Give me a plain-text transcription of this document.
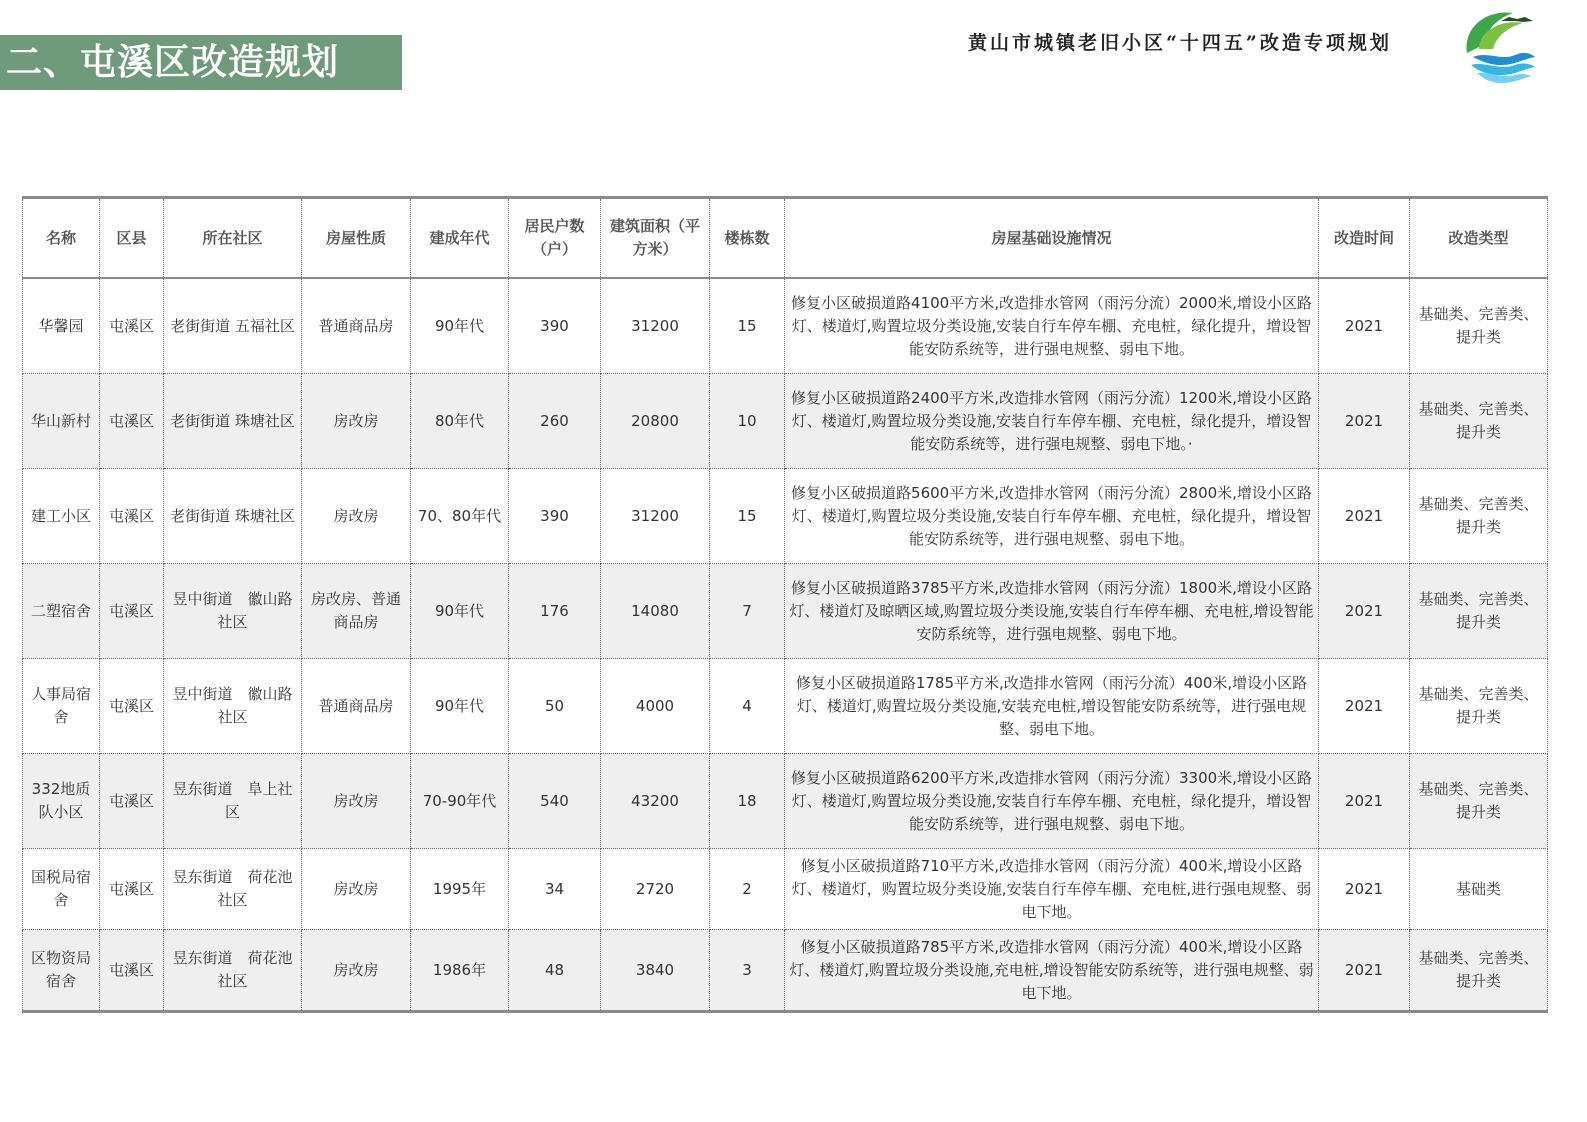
二、屯溪区改造规划	黄山市城镇老旧小区“十四五”改造专项规划
名称	区县	所在社区	房屋性质	建成年代	居民户数（户）	建筑面积（平方米）	楼栋数	房屋基础设施情况	改造时间	改造类型
华馨园	屯溪区	老街街道 五福社区	普通商品房	90年代	390	31200	15	修复小区破损道路4100平方米,改造排水管网（雨污分流）2000米,增设小区路灯、楼道灯,购置垃圾分类设施,安装自行车停车棚、充电桩，绿化提升，增设智能安防系统等，进行强电规整、弱电下地。	2021	基础类、完善类、提升类
华山新村	屯溪区	老街街道 珠塘社区	房改房	80年代	260	20800	10	修复小区破损道路2400平方米,改造排水管网（雨污分流）1200米,增设小区路灯、楼道灯,购置垃圾分类设施,安装自行车停车棚、充电桩，绿化提升，增设智能安防系统等，进行强电规整、弱电下地。·	2021	基础类、完善类、提升类
建工小区	屯溪区	老街街道 珠塘社区	房改房	70、80年代	390	31200	15	修复小区破损道路5600平方米,改造排水管网（雨污分流）2800米,增设小区路灯、楼道灯,购置垃圾分类设施,安装自行车停车棚、充电桩，绿化提升，增设智能安防系统等，进行强电规整、弱电下地。	2021	基础类、完善类、提升类
二塑宿舍	屯溪区	昱中街道　徽山路社区	房改房、普通商品房	90年代	176	14080	7	修复小区破损道路3785平方米,改造排水管网（雨污分流）1800米,增设小区路灯、楼道灯及晾晒区域,购置垃圾分类设施,安装自行车停车棚、充电桩,增设智能安防系统等，进行强电规整、弱电下地。	2021	基础类、完善类、提升类
人事局宿舍	屯溪区	昱中街道　徽山路社区	普通商品房	90年代	50	4000	4	修复小区破损道路1785平方米,改造排水管网（雨污分流）400米,增设小区路灯、楼道灯,购置垃圾分类设施,安装充电桩,增设智能安防系统等，进行强电规整、弱电下地。	2021	基础类、完善类、提升类
332地质队小区	屯溪区	昱东街道　阜上社区	房改房	70-90年代	540	43200	18	修复小区破损道路6200平方米,改造排水管网（雨污分流）3300米,增设小区路灯、楼道灯,购置垃圾分类设施,安装自行车停车棚、充电桩，绿化提升，增设智能安防系统等，进行强电规整、弱电下地。	2021	基础类、完善类、提升类
国税局宿舍	屯溪区	昱东街道　荷花池社区	房改房	1995年	34	2720	2	修复小区破损道路710平方米,改造排水管网（雨污分流）400米,增设小区路灯、楼道灯，购置垃圾分类设施,安装自行车停车棚、充电桩,进行强电规整、弱电下地。	2021	基础类
区物资局宿舍	屯溪区	昱东街道　荷花池社区	房改房	1986年	48	3840	3	修复小区破损道路785平方米,改造排水管网（雨污分流）400米,增设小区路灯、楼道灯,购置垃圾分类设施,充电桩,增设智能安防系统等，进行强电规整、弱电下地。	2021	基础类、完善类、提升类
